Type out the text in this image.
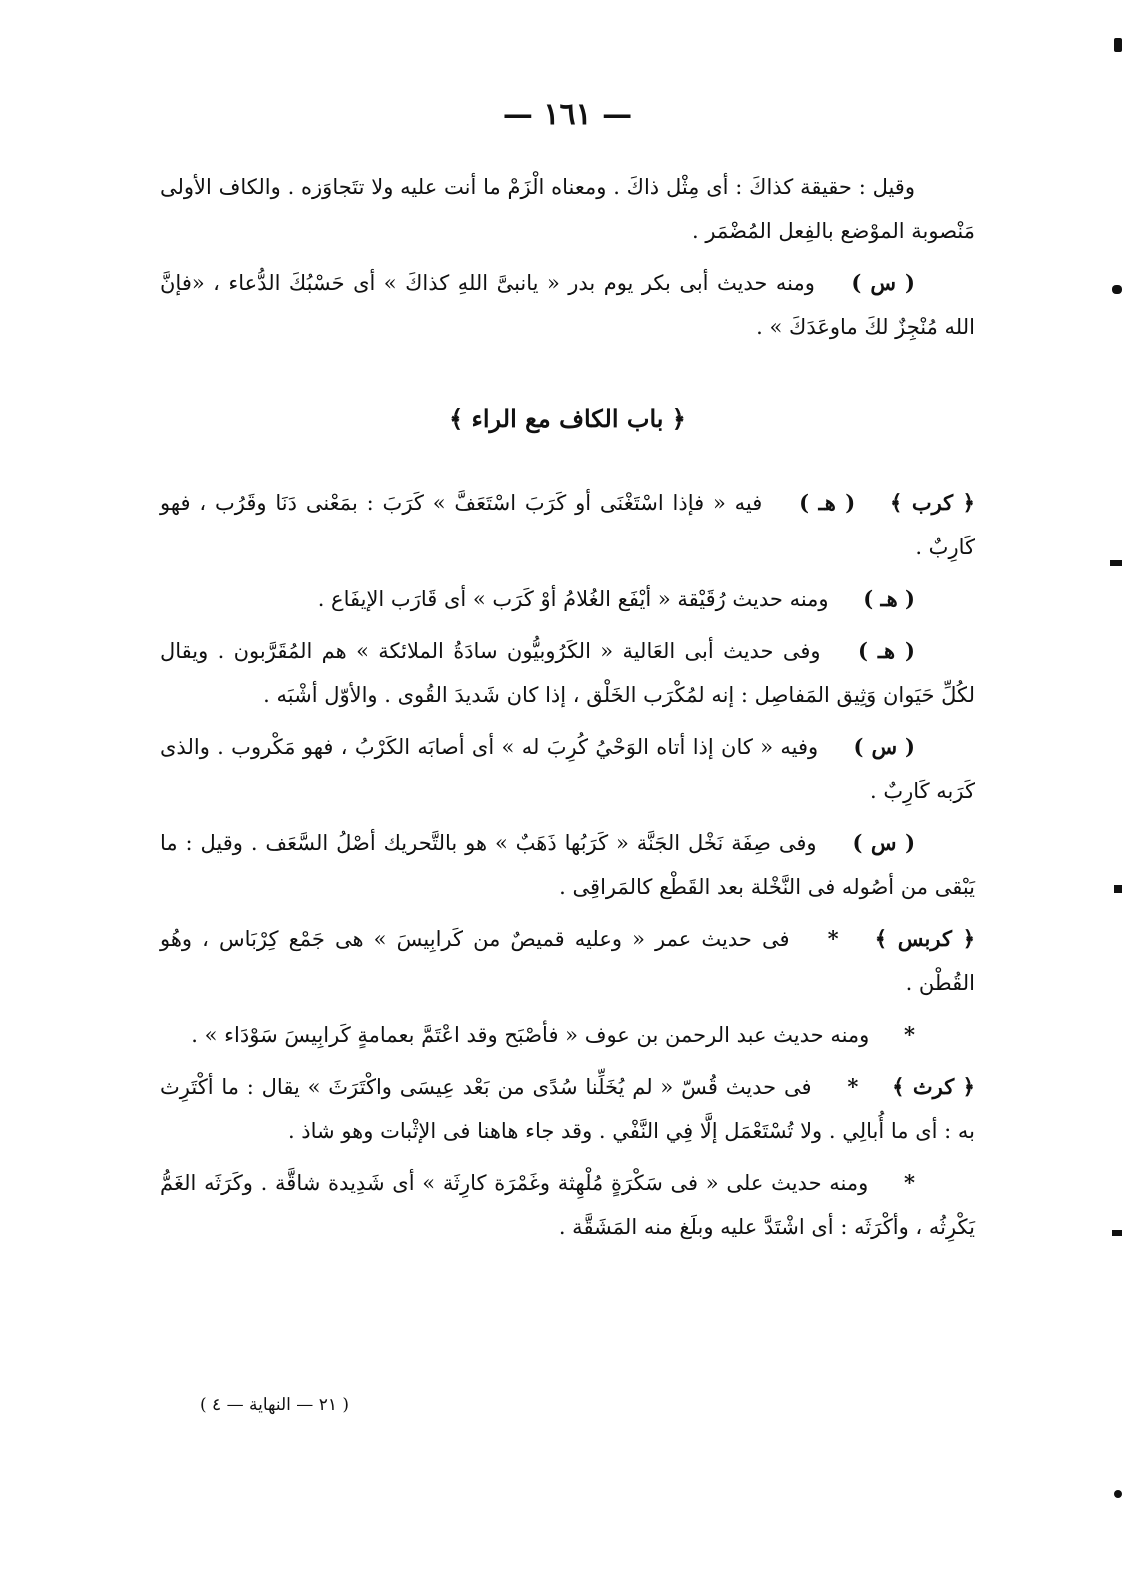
— ١٦١ —

وقيل : حقيقة كذاكَ : أى مِثْل ذاكَ . ومعناه الْزَمْ ما أنت عليه ولا تتَجاوَزه . والكاف الأولى مَنْصوبة الموْضع بالفِعل المُضْمَر .

( س ) ومنه حديث أبى بكر يوم بدر « يانبىَّ اللهِ كذاكَ » أى حَسْبُكَ الدُّعاء ، «فإنَّ الله مُنْجِزٌ لكَ ماوعَدَكَ » .

﴿ باب الكاف مع الراء ﴾

﴿ كرب ﴾ ( هـ ) فيه « فإذا اسْتَغْنَى أو كَرَبَ اسْتَعَفَّ » كَرَبَ : بمَعْنى دَنَا وقَرُب ، فهو كَارِبٌ .

( هـ ) ومنه حديث رُقَيْقة « أيْفَع الغُلامُ أوْ كَرَب » أى قَارَب الإيفَاع .

( هـ ) وفى حديث أبى العَالية « الكَرُوبيُّون سادَةُ الملائكة » هم المُقَرَّبون . ويقال لكُلِّ حَيَوان وَثِيق المَفاصِل : إنه لمُكْرَب الخَلْق ، إذا كان شَديدَ القُوى . والأوّل أشْبَه .

( س ) وفيه « كان إذا أتاه الوَحْيُ كُرِبَ له » أى أصابَه الكَرْبُ ، فهو مَكْروب . والذى كَرَبه كَارِبٌ .

( س ) وفى صِفَة نَخْل الجَنَّة « كَرَبُها ذَهَبٌ » هو بالتَّحريك أصْلُ السَّعَف . وقيل : ما يَبْقى من أصُوله فى النَّخْلة بعد القَطْع كالمَراقِى .

﴿ كربس ﴾ * فى حديث عمر « وعليه قميصٌ من كَرابِيسَ » هى جَمْع كِرْبَاس ، وهُو القُطْن .

* ومنه حديث عبد الرحمن بن عوف « فأصْبَح وقد اعْتَمَّ بعمامةٍ كَرابِيسَ سَوْدَاء » .

﴿ كرث ﴾ * فى حديث قُسّ « لم يُخَلِّنا سُدًى من بَعْد عِيسَى واكْتَرَثَ » يقال : ما أكْتَرِث به : أى ما أُبالِي . ولا تُسْتَعْمَل إلَّا فِي النَّفْي . وقد جاء هاهنا فى الإثْبات وهو شاذ .

* ومنه حديث على « فى سَكْرَةٍ مُلْهِثة وغَمْرَة كارِثَة » أى شَدِيدة شاقَّة . وكَرَثَه الغَمُّ يَكْرِثُه ، وأكْرَثَه : أى اشْتَدَّ عليه وبلَغ منه المَشَقَّة .

( ٢١ — النهاية — ٤ )
